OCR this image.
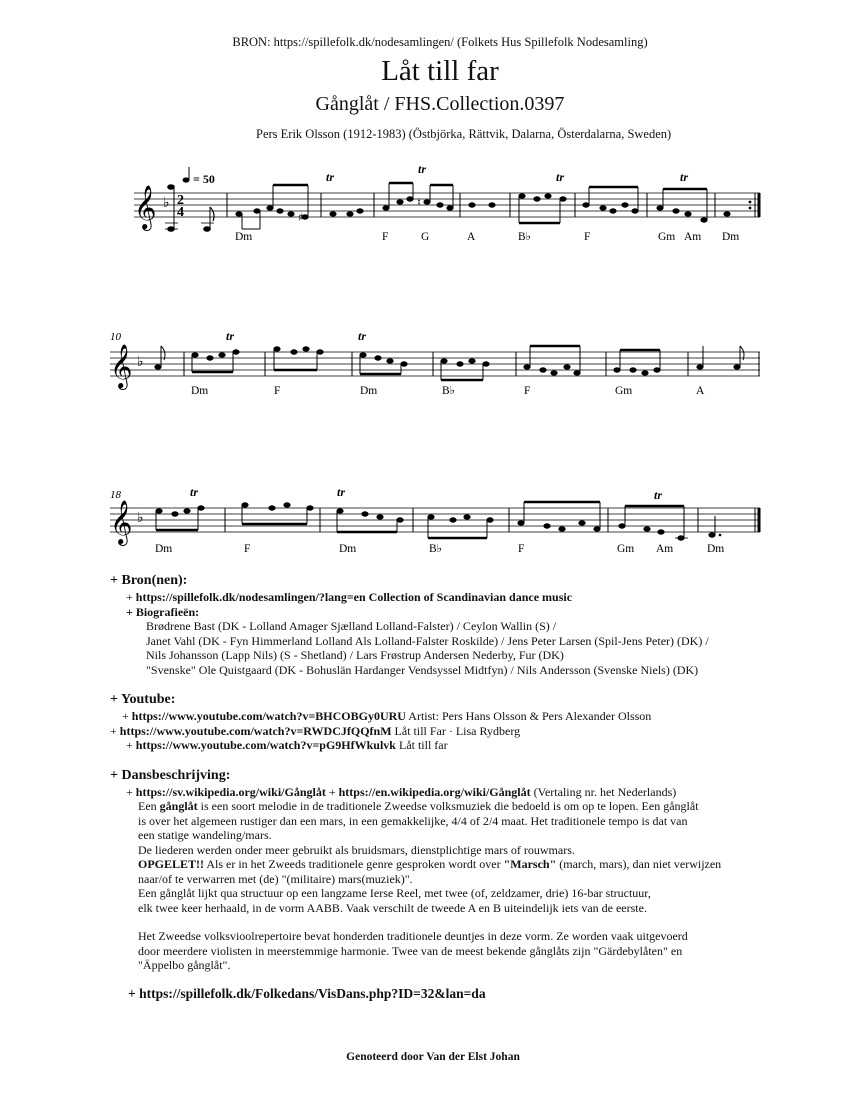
BRON: https://spillefolk.dk/nodesamlingen/ (Folkets Hus Spillefolk Nodesamling)
Låt till far
Gånglåt / FHS.Collection.0397
Pers Erik Olsson (1912-1983) (Östbjörka, Rättvik, Dalarna, Österdalarna, Sweden)
𝄞 ♭ 2
4
= 50
♯
♮
tr
tr
tr	tr
Dm	F	G	A	B♭	F	Gm Am Dm
10
𝄞 ♭
tr	tr
Dm	F	Dm	B♭	F	Gm	A
18
𝄞 ♭
tr	tr	tr
Dm	F	Dm	B♭	F	Gm Am	Dm
+ Bron(nen):
+ https://spillefolk.dk/nodesamlingen/?lang=en Collection of Scandinavian dance music
+ Biografieën:
Brødrene Bast (DK - Lolland Amager Sjælland Lolland-Falster) / Ceylon Wallin (S) /
Janet Vahl (DK - Fyn Himmerland Lolland Als Lolland-Falster Roskilde) / Jens Peter Larsen (Spil-Jens Peter) (DK) /
Nils Johansson (Lapp Nils) (S - Shetland) / Lars Frøstrup Andersen Nederby, Fur (DK)
"Svenske" Ole Quistgaard (DK - Bohuslän Hardanger Vendsyssel Midtfyn) / Nils Andersson (Svenske Niels) (DK)
+ Youtube:
+ https://www.youtube.com/watch?v=BHCOBGy0URU Artist: Pers Hans Olsson & Pers Alexander Olsson
+ https://www.youtube.com/watch?v=RWDCJfQQfnM Låt till Far · Lisa Rydberg
+ https://www.youtube.com/watch?v=pG9HfWkulvk Låt till far
+ Dansbeschrijving:
+ https://sv.wikipedia.org/wiki/Gånglåt + https://en.wikipedia.org/wiki/Gånglåt (Vertaling nr. het Nederlands)
Een gånglåt is een soort melodie in de traditionele Zweedse volksmuziek die bedoeld is om op te lopen. Een gånglåt
is over het algemeen rustiger dan een mars, in een gemakkelijke, 4/4 of 2/4 maat. Het traditionele tempo is dat van
een statige wandeling/mars.
De liederen werden onder meer gebruikt als bruidsmars, dienstplichtige mars of rouwmars.
OPGELET!! Als er in het Zweeds traditionele genre gesproken wordt over "Marsch" (march, mars), dan niet verwijzen
naar/of te verwarren met (de) "(militaire) mars(muziek)".
Een gånglåt lijkt qua structuur op een langzame Ierse Reel, met twee (of, zeldzamer, drie) 16-bar structuur,
elk twee keer herhaald, in de vorm AABB. Vaak verschilt de tweede A en B uiteindelijk iets van de eerste.
Het Zweedse volksvioolrepertoire bevat honderden traditionele deuntjes in deze vorm. Ze worden vaak uitgevoerd
door meerdere violisten in meerstemmige harmonie. Twee van de meest bekende gånglåts zijn "Gärdebylåten" en
"Äppelbo gånglåt".
+ https://spillefolk.dk/Folkedans/VisDans.php?ID=32&lan=da
Genoteerd door Van der Elst Johan
